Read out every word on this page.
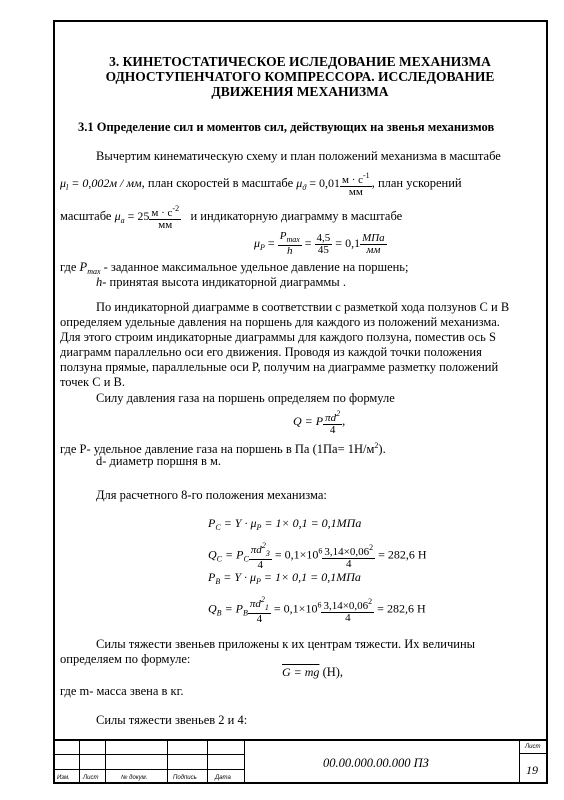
3. КИНЕТОСТАТИЧЕСКОЕ ИСЛЕДОВАНИЕ МЕХАНИЗМА
ОДНОСТУПЕНЧАТОГО КОМПРЕССОРА. ИССЛЕДОВАНИЕ
ДВИЖЕНИЯ МЕХАНИЗМА
3.1 Определение сил и моментов сил, действующих на звенья механизмов
Вычертим кинематическую схему и план положений механизма в масштабе
$\mu_l = 0,002м$ / мм, план скоростей в масштабе $\mu_ϑ = 0,01$ $м \cdot с^{-1}$
мм
, план ускорений
масштабе $\mu_a = 25$ $м \cdot с^{-2}$
мм
и индикаторную диаграмму в масштабе
$\mu_P = P_{max}$
h
= $\frac{4,5}{45} = 0,1$ МПа
мм
где $P_{max}$ - заданное максимальное удельное давление на поршень;
h- принятая высота индикаторной диаграммы .
По индикаторной диаграмме в соответствии с разметкой хода ползунов C и B
определяем удельные давления на поршень для каждого из положений механизма.
Для этого строим индикаторные диаграммы для каждого ползуна, поместив ось S
диаграмм параллельно оси его движения. Проводя из каждой точки положения
ползуна прямые, параллельные оси P, получим на диаграмме разметку положений
точек C и B.
Силу давления газа на поршень определяем по формуле
Q = P $\frac{\pi d^2}{4}$ ,
где P- удельное давление газа на поршень в Па $(1Па= 1Н/м^2)$.
d- диаметр поршня в м.
Для расчетного 8-го положения механизма:
$P_C = Y \cdot \mu_P = 1\times 0,1 = 0,1МПа$
$Q_C = P_C \frac{\pi d^2_3}{4} = 0,1\times 10^6 \frac{3,14\times 0,06^2}{4} = 282,6$ Н
$P_B = Y \cdot \mu_P = 1\times 0,1 = 0,1МПа$
$Q_B = P_B \frac{\pi d^2_1}{4} = 0,1\times 10^6 \frac{3,14\times 0,06^2}{4} = 282,6$ Н
Силы тяжести звеньев приложены к их центрам тяжести. Их величины
определяем по формуле:
G = mg (Н),
где m- масса звена в кг.
Силы тяжести звеньев 2 и 4:
Изм. Лист	№ докум.	Подпись	Дата
00.00.000.00.000 ПЗ
Лист
19
